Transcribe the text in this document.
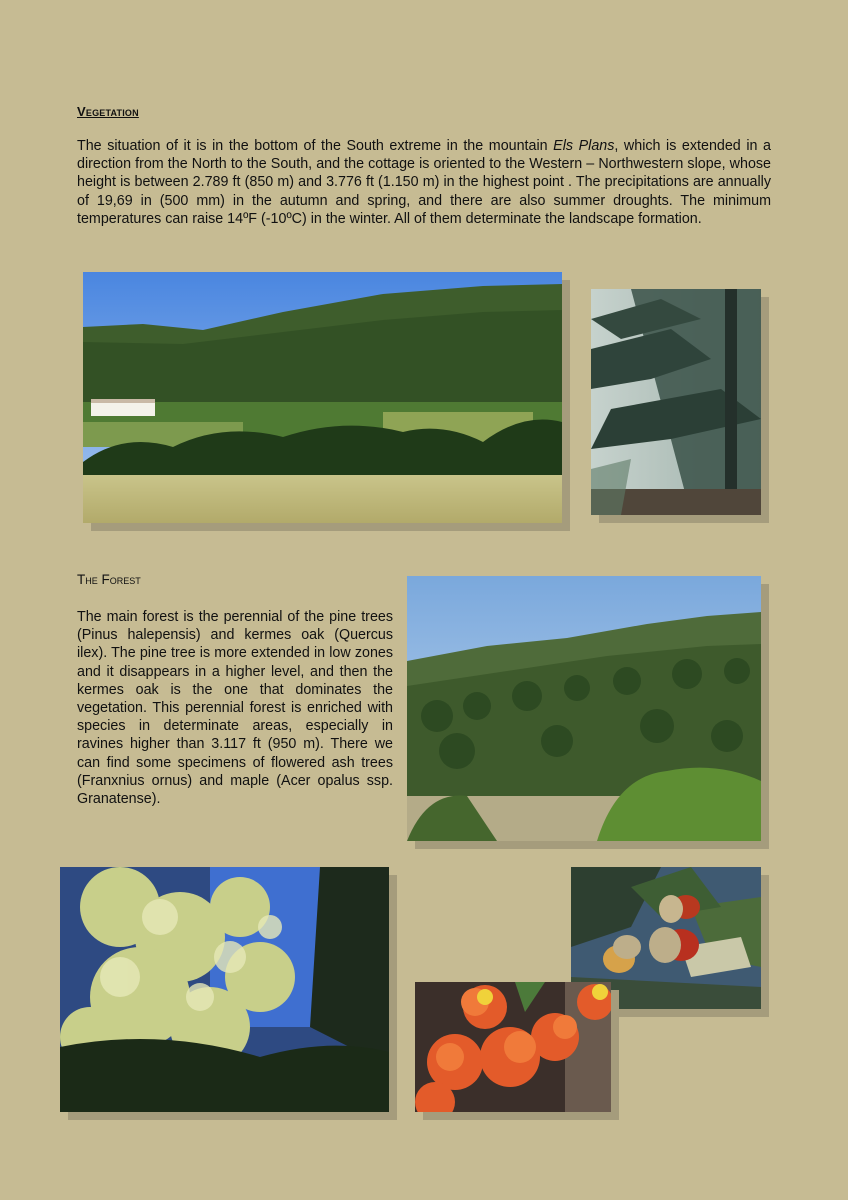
Vegetation

The situation of it is in the bottom of the South extreme in the mountain Els Plans, which is extended in a direction from the North to the South, and the cottage is oriented to the Western – Northwestern slope, whose height is between 2.789 ft (850 m) and 3.776 ft (1.150 m) in the highest point . The precipitations are annually of 19,69 in (500 mm) in the autumn and spring, and there are also summer droughts. The minimum temperatures can raise 14ºF (-10ºC) in the winter. All of them determinate the landscape formation.

The Forest

The main forest is the perennial of the pine trees (Pinus halepensis) and kermes oak (Quercus ilex). The pine tree is more extended in low zones and it disappears in a higher level, and then the kermes oak is the one that dominates the vegetation. This perennial forest is enriched with species in determinate areas, especially in ravines higher than 3.117 ft (950 m). There we can find some specimens of flowered ash trees (Franxnius ornus) and maple (Acer opalus ssp. Granatense).
